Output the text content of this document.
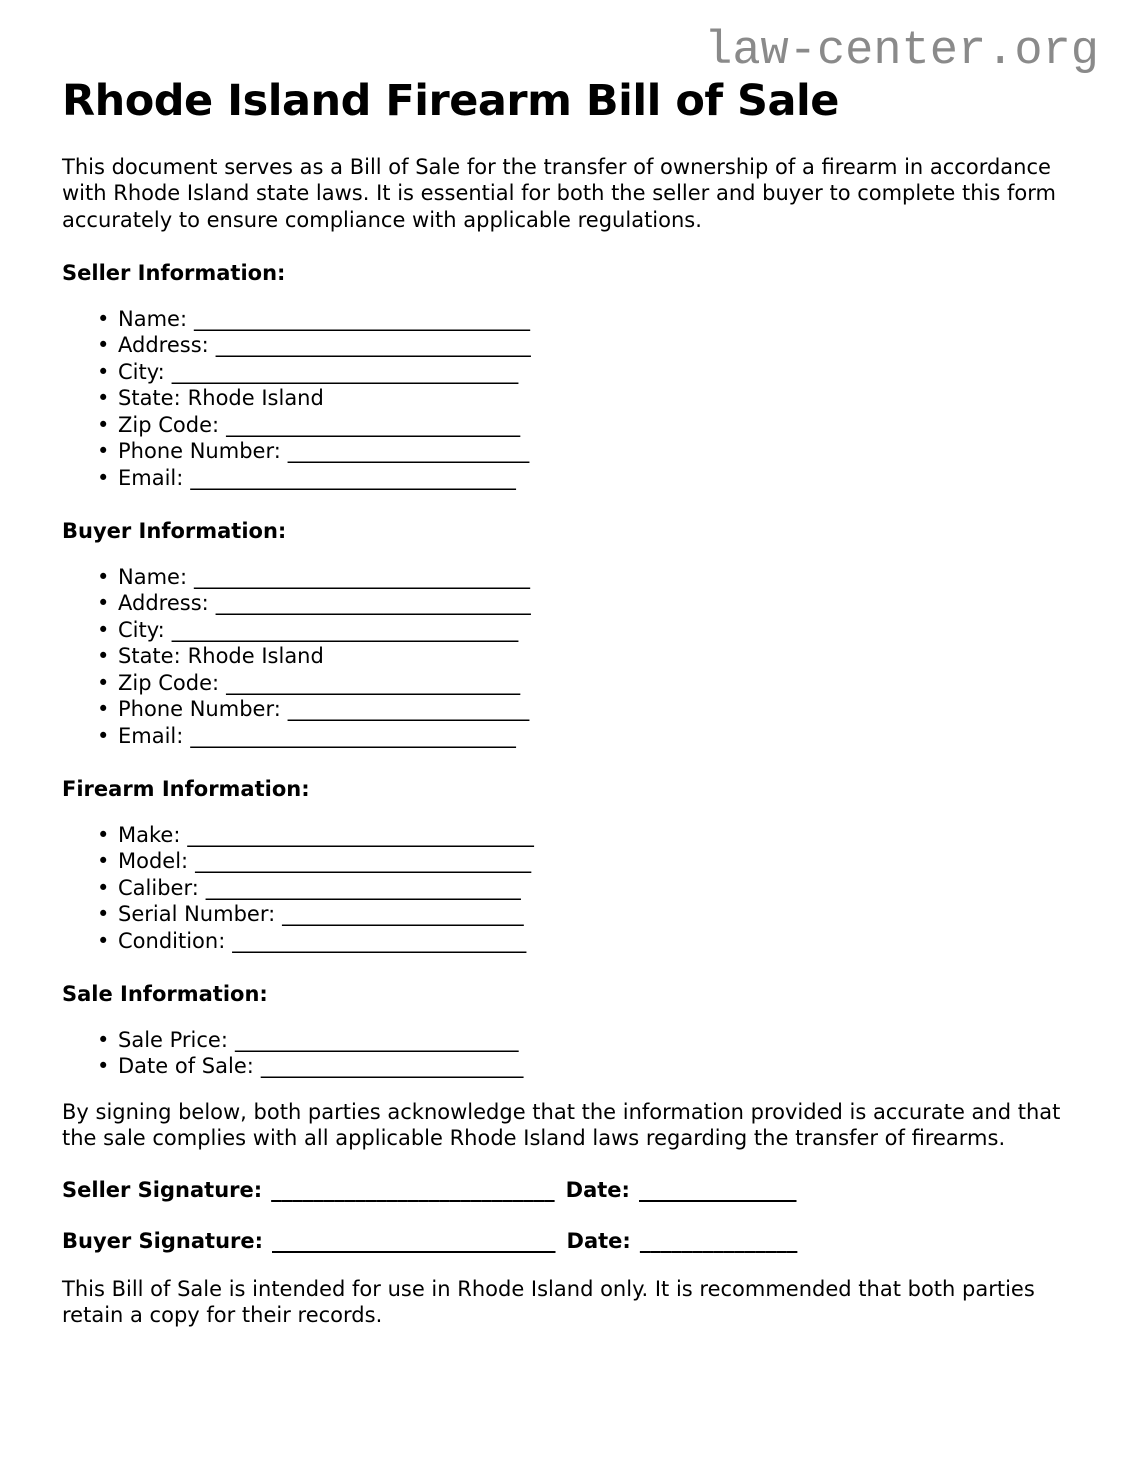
law-center.org
Rhode Island Firearm Bill of Sale

This document serves as a Bill of Sale for the transfer of ownership of a firearm in accordance with Rhode Island state laws. It is essential for both the seller and buyer to complete this form accurately to ensure compliance with applicable regulations.

Seller Information:
• Name: ________________________________
• Address: ______________________________
• City: _________________________________
• State: Rhode Island
• Zip Code: ____________________________
• Phone Number: _______________________
• Email: _______________________________
Buyer Information:
• Name: ________________________________
• Address: ______________________________
• City: _________________________________
• State: Rhode Island
• Zip Code: ____________________________
• Phone Number: _______________________
• Email: _______________________________
Firearm Information:
• Make: _________________________________
• Model: ________________________________
• Caliber: ______________________________
• Serial Number: _______________________
• Condition: ____________________________
Sale Information:
• Sale Price: ___________________________
• Date of Sale: _________________________

By signing below, both parties acknowledge that the information provided is accurate and that the sale complies with all applicable Rhode Island laws regarding the transfer of firearms.

Seller Signature: ___________________________ Date: _______________
Buyer Signature: ___________________________ Date: _______________

This Bill of Sale is intended for use in Rhode Island only. It is recommended that both parties retain a copy for their records.
